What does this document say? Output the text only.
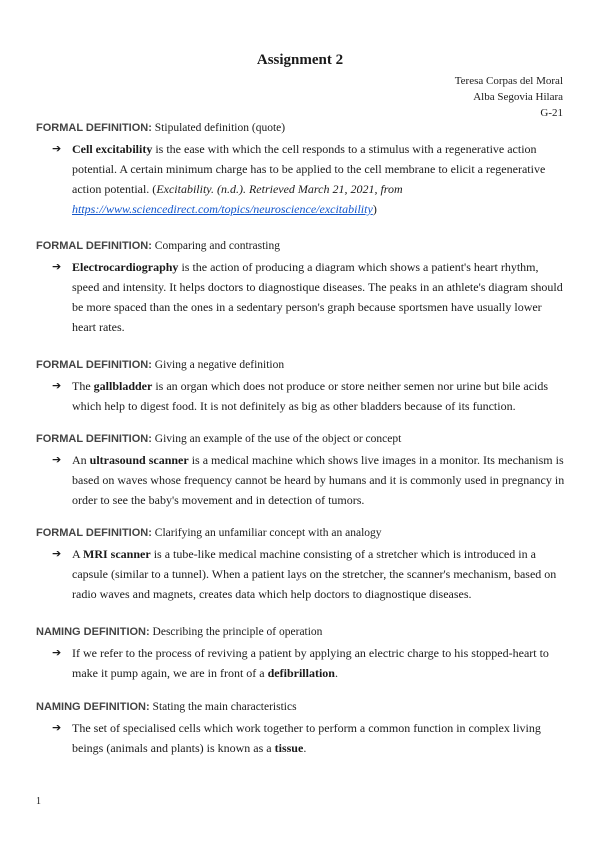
Assignment 2
Teresa Corpas del Moral
Alba Segovia Hilara
G-21
FORMAL DEFINITION: Stipulated definition (quote)
➔ Cell excitability is the ease with which the cell responds to a stimulus with a regenerative action potential. A certain minimum charge has to be applied to the cell membrane to elicit a regenerative action potential. (Excitability. (n.d.). Retrieved March 21, 2021, from https://www.sciencedirect.com/topics/neuroscience/excitability)
FORMAL DEFINITION: Comparing and contrasting
➔ Electrocardiography is the action of producing a diagram which shows a patient's heart rhythm, speed and intensity. It helps doctors to diagnostique diseases. The peaks in an athlete's diagram should be more spaced than the ones in a sedentary person's graph because sportsmen have usually lower heart rates.
FORMAL DEFINITION: Giving a negative definition
➔ The gallbladder is an organ which does not produce or store neither semen nor urine but bile acids which help to digest food. It is not definitely as big as other bladders because of its function.
FORMAL DEFINITION: Giving an example of the use of the object or concept
➔ An ultrasound scanner is a medical machine which shows live images in a monitor. Its mechanism is based on waves whose frequency cannot be heard by humans and it is commonly used in pregnancy in order to see the baby's movement and in detection of tumors.
FORMAL DEFINITION: Clarifying an unfamiliar concept with an analogy
➔ A MRI scanner is a tube-like medical machine consisting of a stretcher which is introduced in a capsule (similar to a tunnel). When a patient lays on the stretcher, the scanner's mechanism, based on radio waves and magnets, creates data which help doctors to diagnostique diseases.
NAMING DEFINITION: Describing the principle of operation
➔ If we refer to the process of reviving a patient by applying an electric charge to his stopped-heart to make it pump again, we are in front of a defibrillation.
NAMING DEFINITION: Stating the main characteristics
➔ The set of specialised cells which work together to perform a common function in complex living beings (animals and plants) is known as a tissue.
1
